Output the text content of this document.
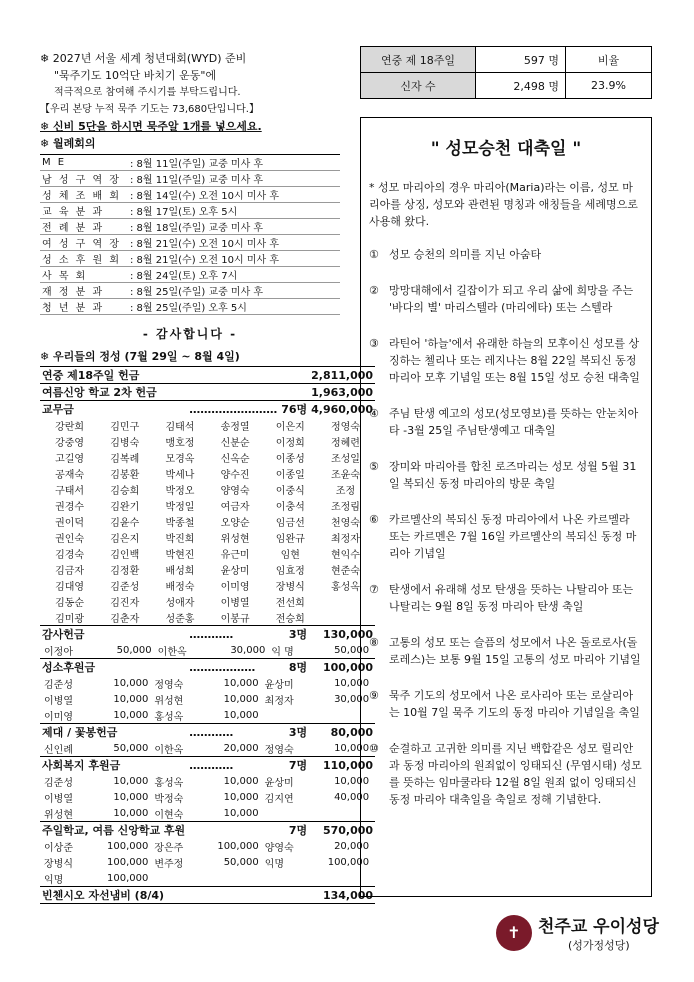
❄ 2027년 서울 세계 청년대회(WYD) 준비

"묵주기도 10억단 바치기 운동"에

적극적으로 참여해 주시기를 부탁드립니다.

【우리 본당 누적 묵주 기도는 73,680단입니다.】

❄ 신비 5단을 하시면 묵주알 1개를 넣으세요.

❄ 월례회의

M E	: 8월 11일(주일) 교중 미사 후
남 성 구 역 장	: 8월 11일(주일) 교중 미사 후
성 체 조 배 회	: 8월 14일(수) 오전 10시 미사 후
교 육 분 과	: 8월 17일(토) 오후 5시
전 례 분 과	: 8월 18일(주일) 교중 미사 후
여 성 구 역 장	: 8월 21일(수) 오전 10시 미사 후
성 소 후 원 회	: 8월 21일(수) 오전 10시 미사 후
사 목 회	: 8월 24일(토) 오후 7시
재 정 분 과	: 8월 25일(주일) 교중 미사 후
청 년 분 과	: 8월 25일(주일) 오후 5시
- 감사합니다 -
❄ 우리들의 정성 (7월 29일 ~ 8월 4일)
연중 제18주일 헌금	2,811,000
여름신앙 학교 2차 헌금	1,963,000
교무금	……………………	76명	4,960,000

강란희	김민구	김태석	송정열	이은지	정영숙
강중영	김병숙	맹호정	신분순	이정희	정혜련
고길영	김복례	모경옥	신옥순	이종성	조성일
공재숙	김봉환	박세나	양수진	이종일	조윤숙
구태서	김승희	박정오	양영숙	이중식	조정
권경수	김완기	박정일	여금자	이충석	조정림
권이덕	김윤수	박종철	오양순	임금선	천영숙
권인숙	김은지	박진희	위성현	임완규	최정자
김경숙	김인백	박현진	유근미	임현	현익수
김금자	김정환	배성희	윤상미	임효정	현준숙
김대영	김준성	배정숙	이미영	장병식	홍성옥
김동순	김진자	성애자	이병열	전선희	
김미광	김춘자	성준홍	이봉규	전승희	

감사헌금	…………	3명	130,000

이정아	50,000	이한옥	30,000	익 명	50,000

성소후원금	………………	8명	100,000

김준성	10,000	정영숙	10,000	윤상미	10,000
이병열	10,000	위성현	10,000	최정자	30,000
이미영	10,000	홍성옥	10,000		

제대 / 꽃봉헌금	…………	3명	80,000

신인례	50,000	이한옥	20,000	정영숙	10,000

사회복지 후원금	…………	7명	110,000

김준성	10,000	홍성옥	10,000	윤상미	10,000
이병열	10,000	박정숙	10,000	김지연	40,000
위성현	10,000	이현숙	10,000		

주일학교, 여름 신앙학교 후원		7명	570,000

이상준	100,000	장은주	100,000	양영숙	20,000
장병식	100,000	변주정	50,000	익명	100,000
익명	100,000				

빈첸시오 자선냄비 (8/4)	134,000
연중 제 18주일	597 명	비율
신자 수	2,498 명	23.9%
" 성모승천 대축일 "
* 성모 마리아의 경우 마리아(Maria)라는 이름, 성모 마리아를 상징, 성모와 관련된 명칭과 애칭들을 세례명으로 사용해 왔다.
① 성모 승천의 의미를 지닌 아숨타
② 망망대해에서 길잡이가 되고 우리 삶에 희망을 주는 '바다의 별' 마리스텔라 (마리에타) 또는 스텔라
③ 라틴어 '하늘'에서 유래한 하늘의 모후이신 성모를 상징하는 첼리나 또는 레지나는 8월 22일 복되신 동정 마리아 모후 기념일 또는 8월 15일 성모 승천 대축일
④ 주님 탄생 예고의 성모(성모영보)를 뜻하는 안눈치아타 -3월 25일 주님탄생예고 대축일
⑤ 장미와 마리아를 합친 로즈마리는 성모 성월 5월 31일 복되신 동정 마리아의 방문 축일
⑥ 카르멜산의 복되신 동정 마리아에서 나온 카르멜라 또는 카르멘은 7월 16일 카르멜산의 복되신 동정 마리아 기념일
⑦ 탄생에서 유래해 성모 탄생을 뜻하는 나탈리아 또는 나탈리는 9월 8일 동정 마리아 탄생 축일
⑧ 고통의 성모 또는 슬픔의 성모에서 나온 돌로로사(돌로레스)는 보통 9월 15일 고통의 성모 마리아 기념일
⑨ 묵주 기도의 성모에서 나온 로사리아 또는 로살리아는 10월 7일 묵주 기도의 동정 마리아 기념일을 축일
⑩ 순결하고 고귀한 의미를 지닌 백합같은 성모 릴리안과 동정 마리아의 원죄없이 잉태되신 (무염시태) 성모를 뜻하는 임마쿨라타 12월 8일 원죄 없이 잉태되신 동정 마리아 대축일을 축일로 정해 기념한다.
✝	천주교 우이성당
(성가정성당)
